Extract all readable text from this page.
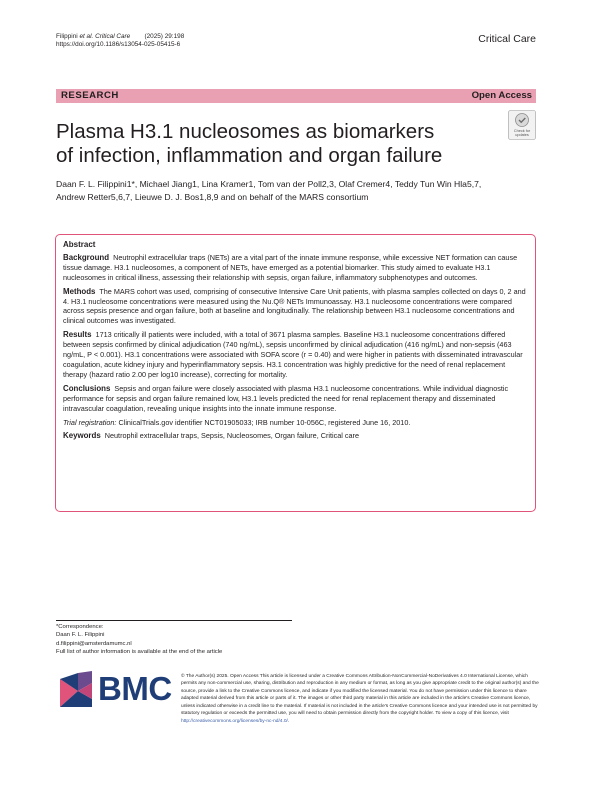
Filippini et al. Critical Care        (2025) 29:198
https://doi.org/10.1186/s13054-025-05415-6	Critical Care
RESEARCH	Open Access
Plasma H3.1 nucleosomes as biomarkers
of infection, inflammation and organ failure
Check for
updates
Daan F. L. Filippini1*, Michael Jiang1, Lina Kramer1, Tom van der Poll2,3, Olaf Cremer4, Teddy Tun Win Hla5,7,
Andrew Retter5,6,7, Lieuwe D. J. Bos1,8,9 and on behalf of the MARS consortium
Abstract

Background Neutrophil extracellular traps (NETs) are a vital part of the innate immune response, while excessive NET formation can cause tissue damage. H3.1 nucleosomes, a component of NETs, have emerged as a potential biomarker. This study aimed to evaluate H3.1 nucleosomes in critical illness, assessing their relationship with sepsis, organ failure, inflammatory subphenotypes and outcomes.

Methods The MARS cohort was used, comprising of consecutive Intensive Care Unit patients, with plasma samples collected on days 0, 2 and 4. H3.1 nucleosome concentrations were measured using the Nu.Q® NETs Immunoassay. H3.1 nucleosome concentrations were compared across sepsis presence and organ failure, both at baseline and longitudinally. The relationship between H3.1 nucleosome concentrations and clinical outcomes was investigated.

Results 1713 critically ill patients were included, with a total of 3671 plasma samples. Baseline H3.1 nucleosome concentrations differed between sepsis confirmed by clinical adjudication (740 ng/mL), sepsis unconfirmed by clinical adjudication (416 ng/mL) and non-sepsis (463 ng/mL, P < 0.001). H3.1 concentrations were associated with SOFA score (r = 0.40) and were higher in patients with disseminated intravascular coagulation, acute kidney injury and hyperinflammatory sepsis. H3.1 concentration was highly predictive for the need of renal replacement therapy (hazard ratio 2.00 per log10 increase), correcting for mortality.

Conclusions Sepsis and organ failure were closely associated with plasma H3.1 nucleosome concentrations. While individual diagnostic performance for sepsis and organ failure remained low, H3.1 levels predicted the need for renal replacement therapy and disseminated intravascular coagulation, revealing unique insights into the innate immune response.

Trial registration: ClinicalTrials.gov identifier NCT01905033; IRB number 10-056C, registered June 16, 2010.

Keywords Neutrophil extracellular traps, Sepsis, Nucleosomes, Organ failure, Critical care

*Correspondence:
Daan F. L. Filippini
d.filippini@amsterdamumc.nl
Full list of author information is available at the end of the article
BMC © The Author(s) 2025. Open Access This article is licensed under a Creative Commons Attribution-NonCommercial-NoDerivatives 4.0 International License, which permits any non-commercial use, sharing, distribution and reproduction in any medium or format, as long as you give appropriate credit to the original author(s) and the source, provide a link to the Creative Commons licence, and indicate if you modified the licensed material. You do not have permission under this licence to share adapted material derived from this article or parts of it. The images or other third party material in this article are included in the article's Creative Commons licence, unless indicated otherwise in a credit line to the material. If material is not included in the article's Creative Commons licence and your intended use is not permitted by statutory regulation or exceeds the permitted use, you will need to obtain permission directly from the copyright holder. To view a copy of this licence, visit http://creativecommons.org/licenses/by-nc-nd/4.0/.
